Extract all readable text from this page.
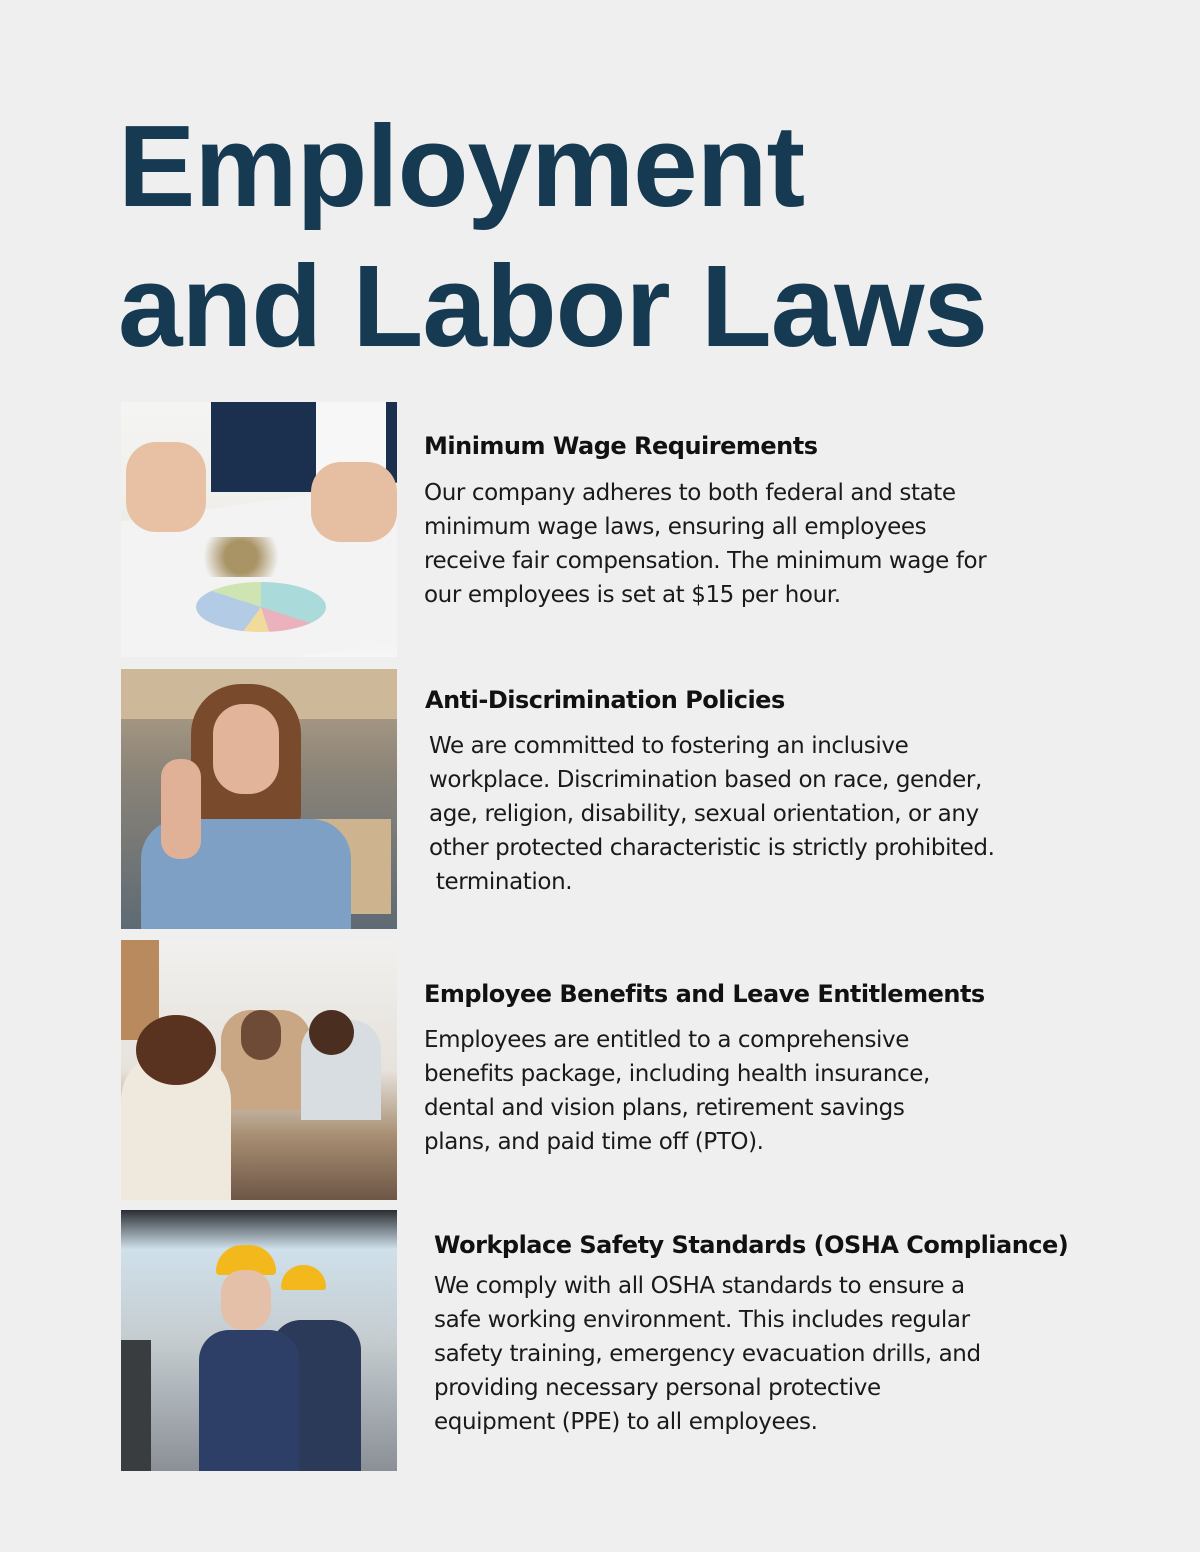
Employment
and Labor Laws
Minimum Wage Requirements
Our company adheres to both federal and state
minimum wage laws, ensuring all employees
receive fair compensation. The minimum wage for
our employees is set at $15 per hour.
Anti-Discrimination Policies
We are committed to fostering an inclusive
workplace. Discrimination based on race, gender,
age, religion, disability, sexual orientation, or any
other protected characteristic is strictly prohibited.
termination.
Employee Benefits and Leave Entitlements
Employees are entitled to a comprehensive
benefits package, including health insurance,
dental and vision plans, retirement savings
plans, and paid time off (PTO).
Workplace Safety Standards (OSHA Compliance)
We comply with all OSHA standards to ensure a
safe working environment. This includes regular
safety training, emergency evacuation drills, and
providing necessary personal protective
equipment (PPE) to all employees.
